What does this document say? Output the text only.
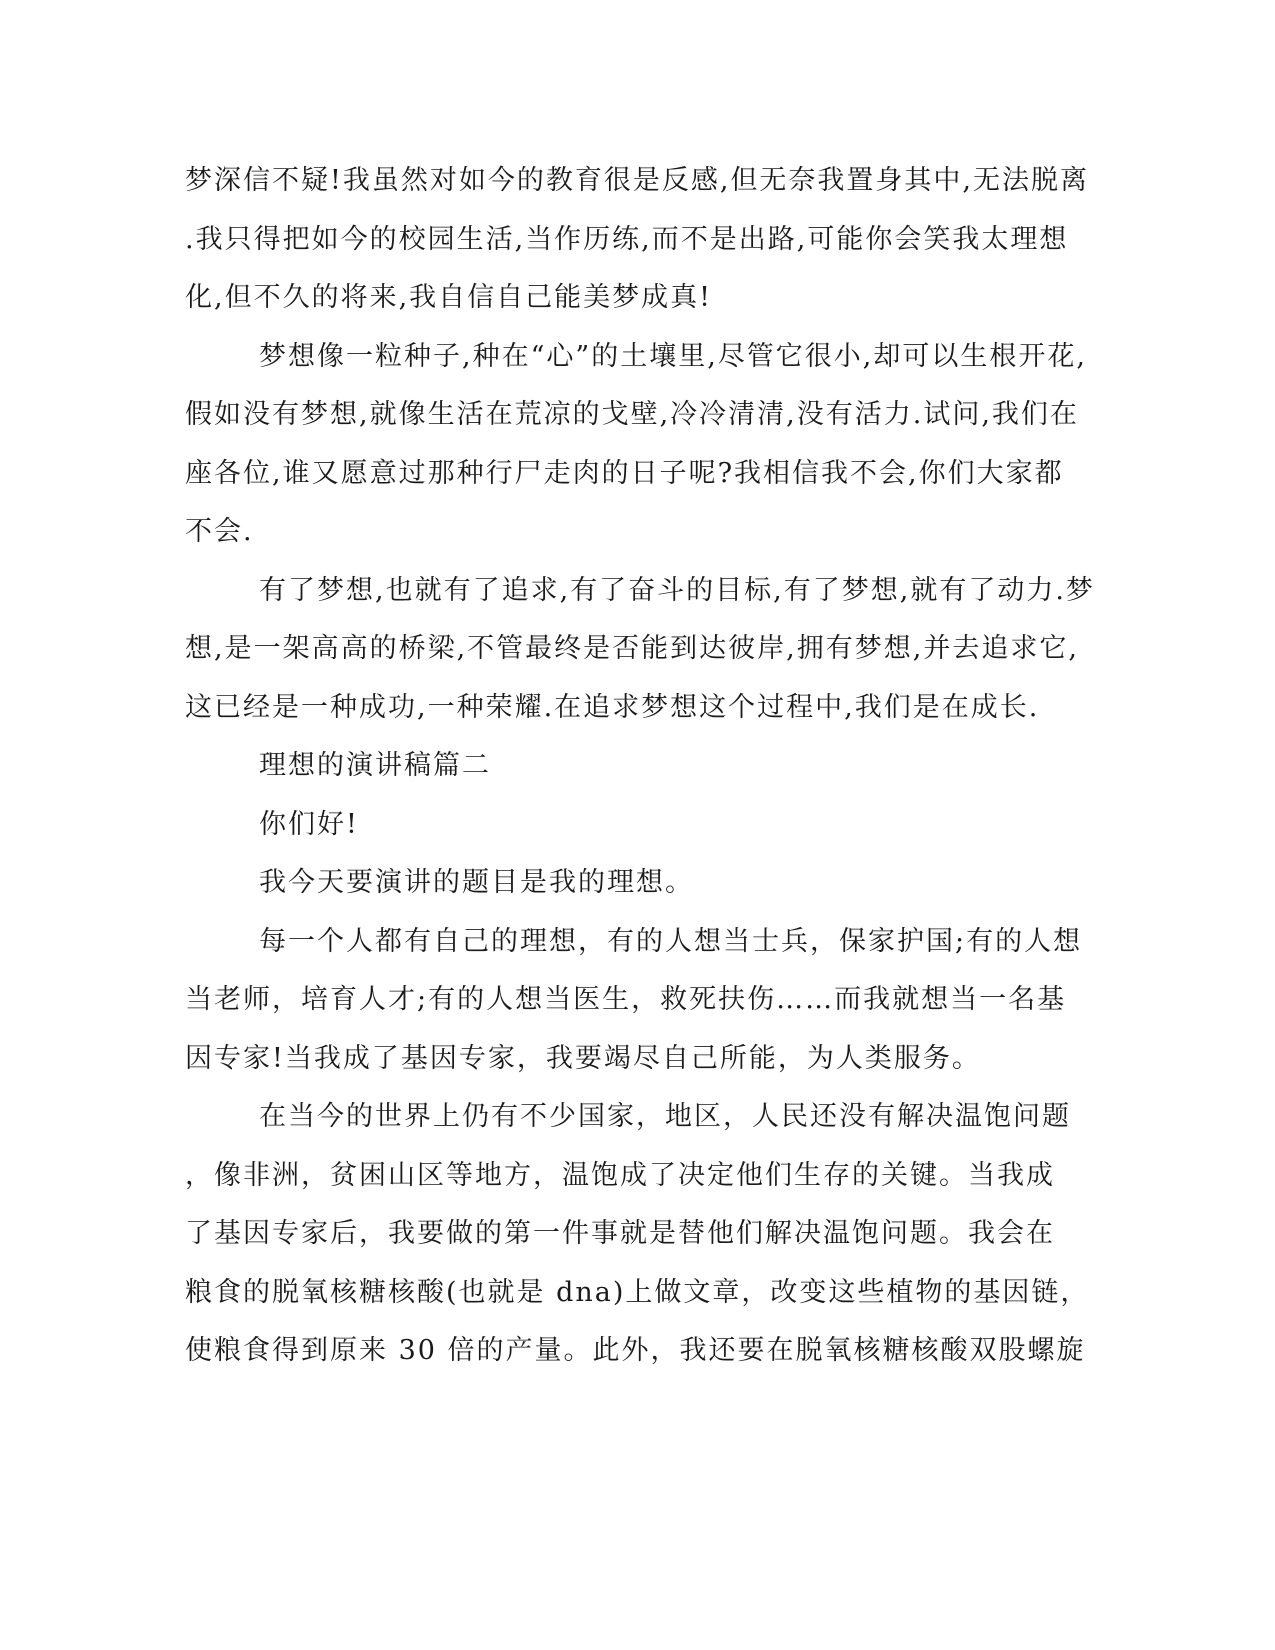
梦深信不疑!我虽然对如今的教育很是反感,但无奈我置身其中,无法脱离
.我只得把如今的校园生活,当作历练,而不是出路,可能你会笑我太理想
化,但不久的将来,我自信自己能美梦成真!
梦想像一粒种子,种在“心”的土壤里,尽管它很小,却可以生根开花,
假如没有梦想,就像生活在荒凉的戈壁,冷冷清清,没有活力.试问,我们在
座各位,谁又愿意过那种行尸走肉的日子呢?我相信我不会,你们大家都
不会.
有了梦想,也就有了追求,有了奋斗的目标,有了梦想,就有了动力.梦
想,是一架高高的桥梁,不管最终是否能到达彼岸,拥有梦想,并去追求它,
这已经是一种成功,一种荣耀.在追求梦想这个过程中,我们是在成长.
理想的演讲稿篇二
你们好!
我今天要演讲的题目是我的理想。
每一个人都有自己的理想，有的人想当士兵，保家护国;有的人想
当老师，培育人才;有的人想当医生，救死扶伤……而我就想当一名基
因专家!当我成了基因专家，我要竭尽自己所能，为人类服务。
在当今的世界上仍有不少国家，地区，人民还没有解决温饱问题
，像非洲，贫困山区等地方，温饱成了决定他们生存的关键。当我成
了基因专家后，我要做的第一件事就是替他们解决温饱问题。我会在
粮食的脱氧核糖核酸(也就是 dna)上做文章，改变这些植物的基因链，
使粮食得到原来 30 倍的产量。此外，我还要在脱氧核糖核酸双股螺旋
